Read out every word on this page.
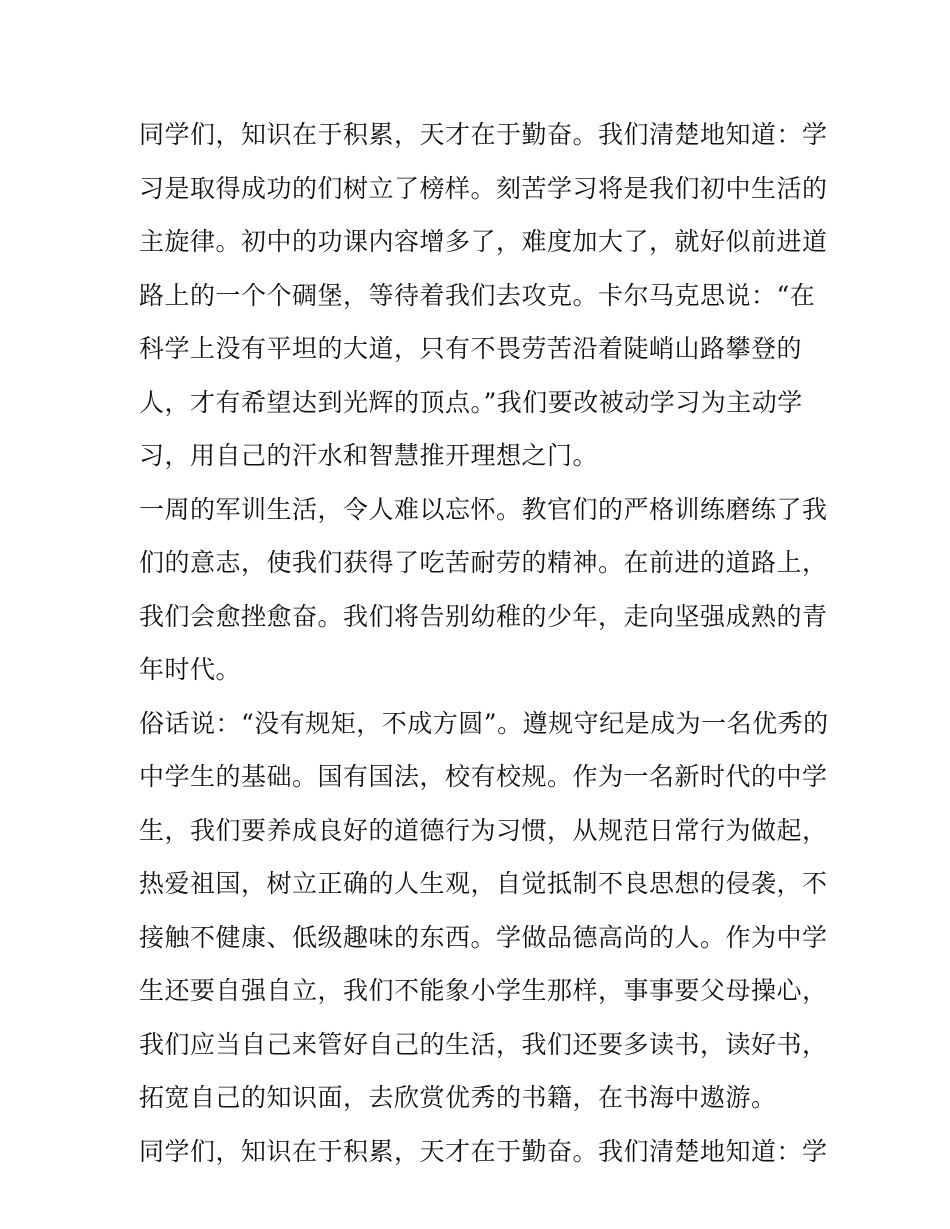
同学们，知识在于积累，天才在于勤奋。我们清楚地知道：学
习是取得成功的们树立了榜样。刻苦学习将是我们初中生活的
主旋律。初中的功课内容增多了，难度加大了，就好似前进道
路上的一个个碉堡，等待着我们去攻克。卡尔马克思说：“在
科学上没有平坦的大道，只有不畏劳苦沿着陡峭山路攀登的
人，才有希望达到光辉的顶点。”我们要改被动学习为主动学
习，用自己的汗水和智慧推开理想之门。
一周的军训生活，令人难以忘怀。教官们的严格训练磨练了我
们的意志，使我们获得了吃苦耐劳的精神。在前进的道路上，
我们会愈挫愈奋。我们将告别幼稚的少年，走向坚强成熟的青
年时代。
俗话说：“没有规矩，不成方圆”。遵规守纪是成为一名优秀的
中学生的基础。国有国法，校有校规。作为一名新时代的中学
生，我们要养成良好的道德行为习惯，从规范日常行为做起，
热爱祖国，树立正确的人生观，自觉抵制不良思想的侵袭，不
接触不健康、低级趣味的东西。学做品德高尚的人。作为中学
生还要自强自立，我们不能象小学生那样，事事要父母操心，
我们应当自己来管好自己的生活，我们还要多读书，读好书，
拓宽自己的知识面，去欣赏优秀的书籍，在书海中遨游。
同学们，知识在于积累，天才在于勤奋。我们清楚地知道：学
